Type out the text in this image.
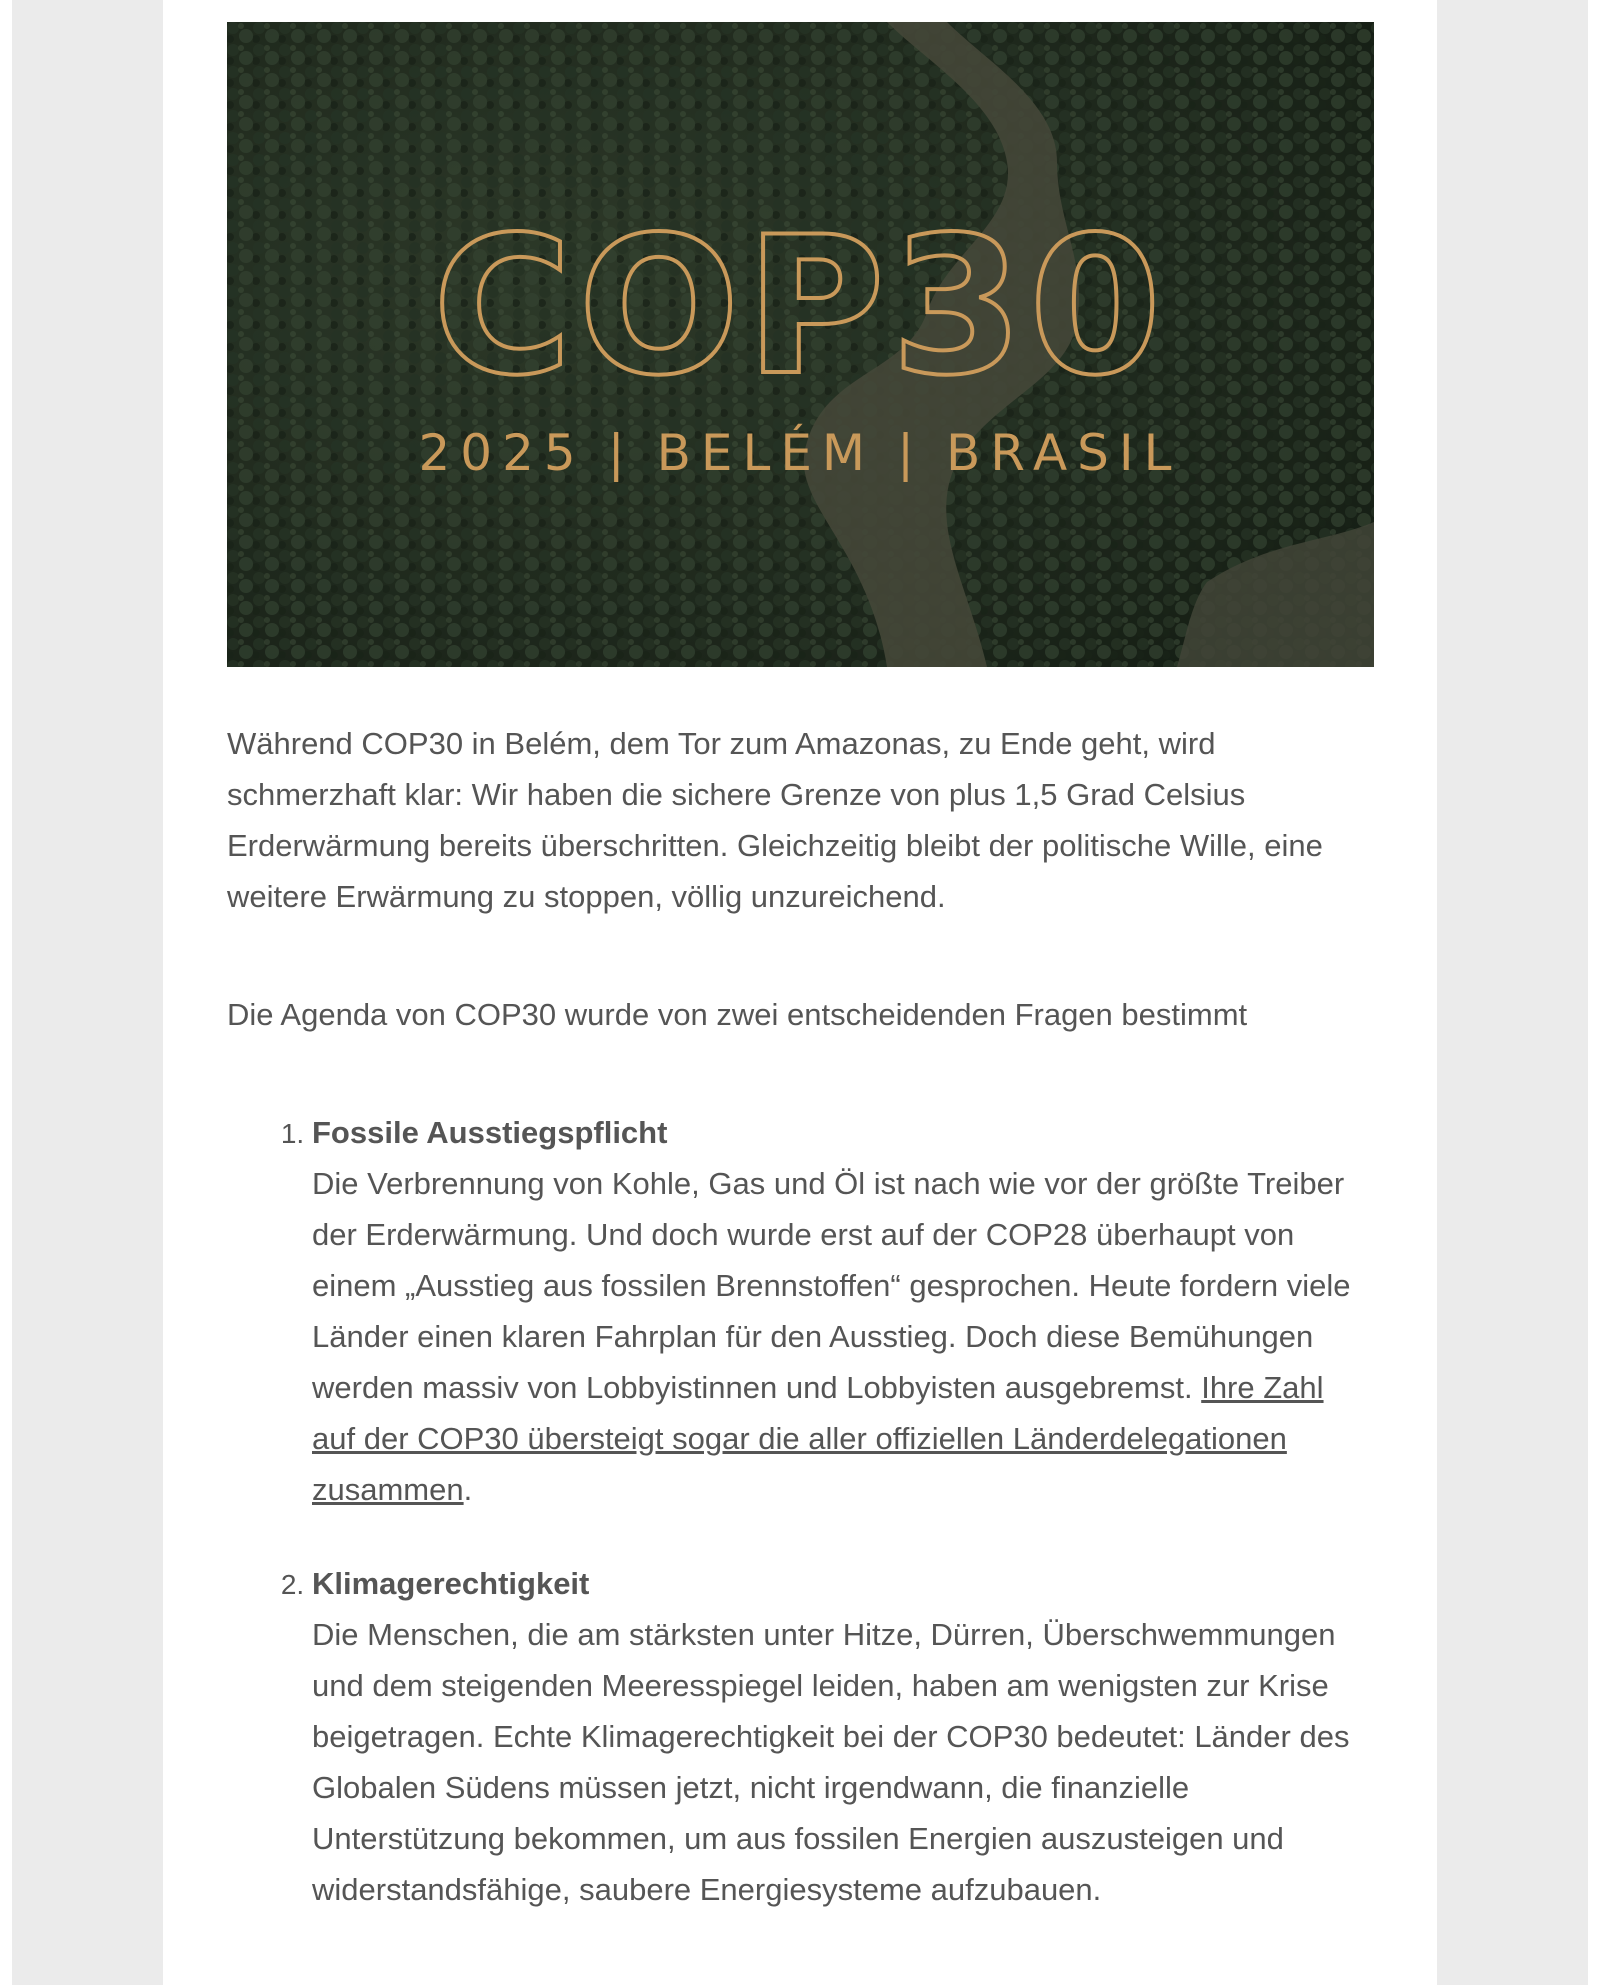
COP30
2025 | BELÉM | BRASIL

Während COP30 in Belém, dem Tor zum Amazonas, zu Ende geht, wird schmerzhaft klar: Wir haben die sichere Grenze von plus 1,5 Grad Celsius Erderwärmung bereits überschritten. Gleichzeitig bleibt der politische Wille, eine weitere Erwärmung zu stoppen, völlig unzureichend.

Die Agenda von COP30 wurde von zwei entscheidenden Fragen bestimmt

1. Fossile Ausstiegspflicht
Die Verbrennung von Kohle, Gas und Öl ist nach wie vor der größte Treiber der Erderwärmung. Und doch wurde erst auf der COP28 überhaupt von einem „Ausstieg aus fossilen Brennstoffen“ gesprochen. Heute fordern viele Länder einen klaren Fahrplan für den Ausstieg. Doch diese Bemühungen werden massiv von Lobbyistinnen und Lobbyisten ausgebremst. Ihre Zahl auf der COP30 übersteigt sogar die aller offiziellen Länderdelegationen zusammen.
2. Klimagerechtigkeit
Die Menschen, die am stärksten unter Hitze, Dürren, Überschwemmungen und dem steigenden Meeresspiegel leiden, haben am wenigsten zur Krise beigetragen. Echte Klimagerechtigkeit bei der COP30 bedeutet: Länder des Globalen Südens müssen jetzt, nicht irgendwann, die finanzielle Unterstützung bekommen, um aus fossilen Energien auszusteigen und widerstandsfähige, saubere Energiesysteme aufzubauen.
